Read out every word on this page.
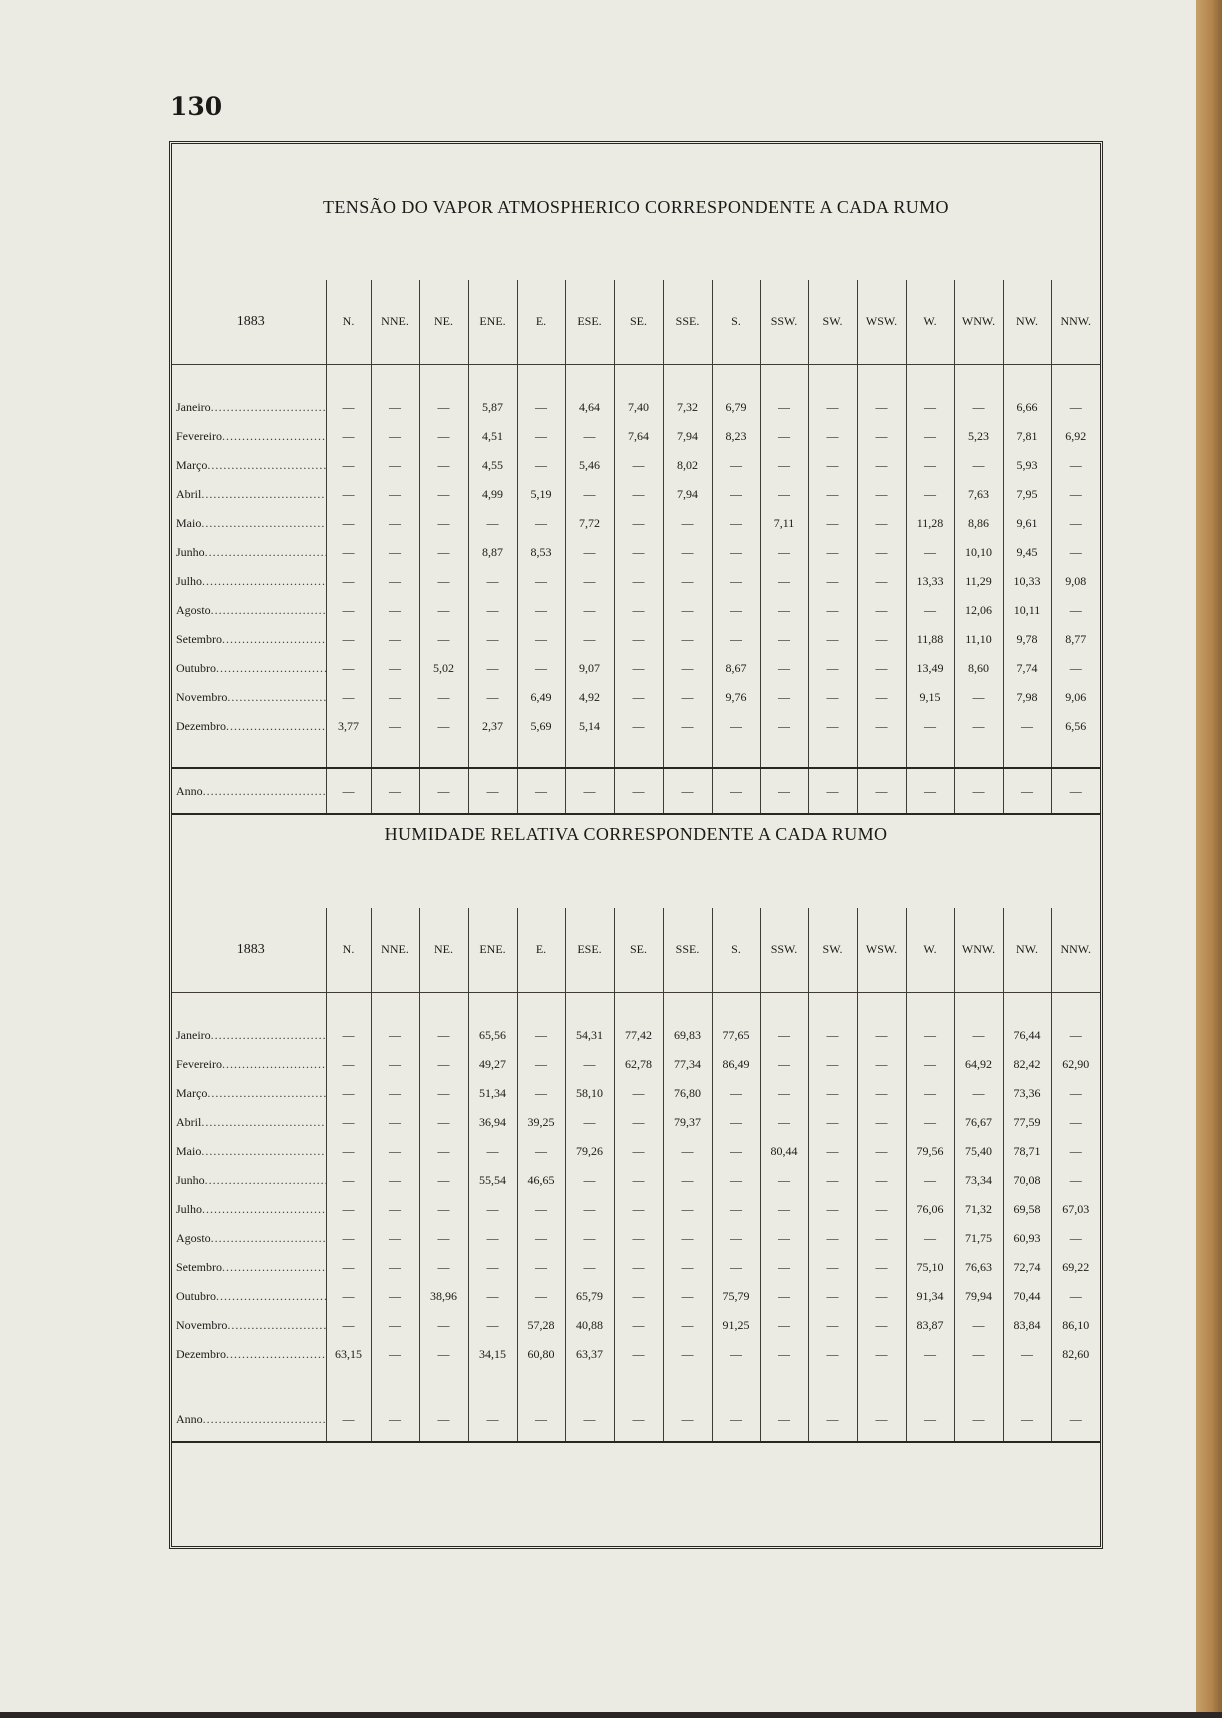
130
TENSÃO DO VAPOR ATMOSPHERICO CORRESPONDENTE A CADA RUMO
1883	N.	NNE.	NE.	ENE.	E.	ESE.	SE.	SSE.	S.	SSW.	SW.	WSW.	W.	WNW.	NW.	NNW.

Janeiro
.....	—	—	—	5,87	—	4,64	7,40	7,32	6,79	—	—	—	—	—	6,66	—

Fevereiro
.....	—	—	—	4,51	—	—	7,64	7,94	8,23	—	—	—	—	5,23	7,81	6,92

Março
.....	—	—	—	4,55	—	5,46	—	8,02	—	—	—	—	—	—	5,93	—

Abril
.....	—	—	—	4,99	5,19	—	—	7,94	—	—	—	—	—	7,63	7,95	—

Maio
.....	—	—	—	—	—	7,72	—	—	—	7,11	—	—	11,28	8,86	9,61	—

Junho
.....	—	—	—	8,87	8,53	—	—	—	—	—	—	—	—	10,10	9,45	—

Julho
.....	—	—	—	—	—	—	—	—	—	—	—	—	13,33	11,29	10,33	9,08

Agosto
.....	—	—	—	—	—	—	—	—	—	—	—	—	—	12,06	10,11	—

Setembro
.....	—	—	—	—	—	—	—	—	—	—	—	—	11,88	11,10	9,78	8,77

Outubro
.....	—	—	5,02	—	—	9,07	—	—	8,67	—	—	—	13,49	8,60	7,74	—

Novembro
.....	—	—	—	—	6,49	4,92	—	—	9,76	—	—	—	9,15	—	7,98	9,06

Dezembro
.....	3,77	—	—	2,37	5,69	5,14	—	—	—	—	—	—	—	—	—	6,56

Anno
.....	—	—	—	—	—	—	—	—	—	—	—	—	—	—	—	—
HUMIDADE RELATIVA CORRESPONDENTE A CADA RUMO
1883	N.	NNE.	NE.	ENE.	E.	ESE.	SE.	SSE.	S.	SSW.	SW.	WSW.	W.	WNW.	NW.	NNW.

Janeiro
.....	—	—	—	65,56	—	54,31	77,42	69,83	77,65	—	—	—	—	—	76,44	—

Fevereiro
.....	—	—	—	49,27	—	—	62,78	77,34	86,49	—	—	—	—	64,92	82,42	62,90

Março
.....	—	—	—	51,34	—	58,10	—	76,80	—	—	—	—	—	—	73,36	—

Abril
.....	—	—	—	36,94	39,25	—	—	79,37	—	—	—	—	—	76,67	77,59	—

Maio
.....	—	—	—	—	—	79,26	—	—	—	80,44	—	—	79,56	75,40	78,71	—

Junho
.....	—	—	—	55,54	46,65	—	—	—	—	—	—	—	—	73,34	70,08	—

Julho
.....	—	—	—	—	—	—	—	—	—	—	—	—	76,06	71,32	69,58	67,03

Agosto
.....	—	—	—	—	—	—	—	—	—	—	—	—	—	71,75	60,93	—

Setembro
.....	—	—	—	—	—	—	—	—	—	—	—	—	75,10	76,63	72,74	69,22

Outubro
.....	—	—	38,96	—	—	65,79	—	—	75,79	—	—	—	91,34	79,94	70,44	—

Novembro
.....	—	—	—	—	57,28	40,88	—	—	91,25	—	—	—	83,87	—	83,84	86,10

Dezembro
.....	63,15	—	—	34,15	60,80	63,37	—	—	—	—	—	—	—	—	—	82,60

Anno
.....	—	—	—	—	—	—	—	—	—	—	—	—	—	—	—	—
